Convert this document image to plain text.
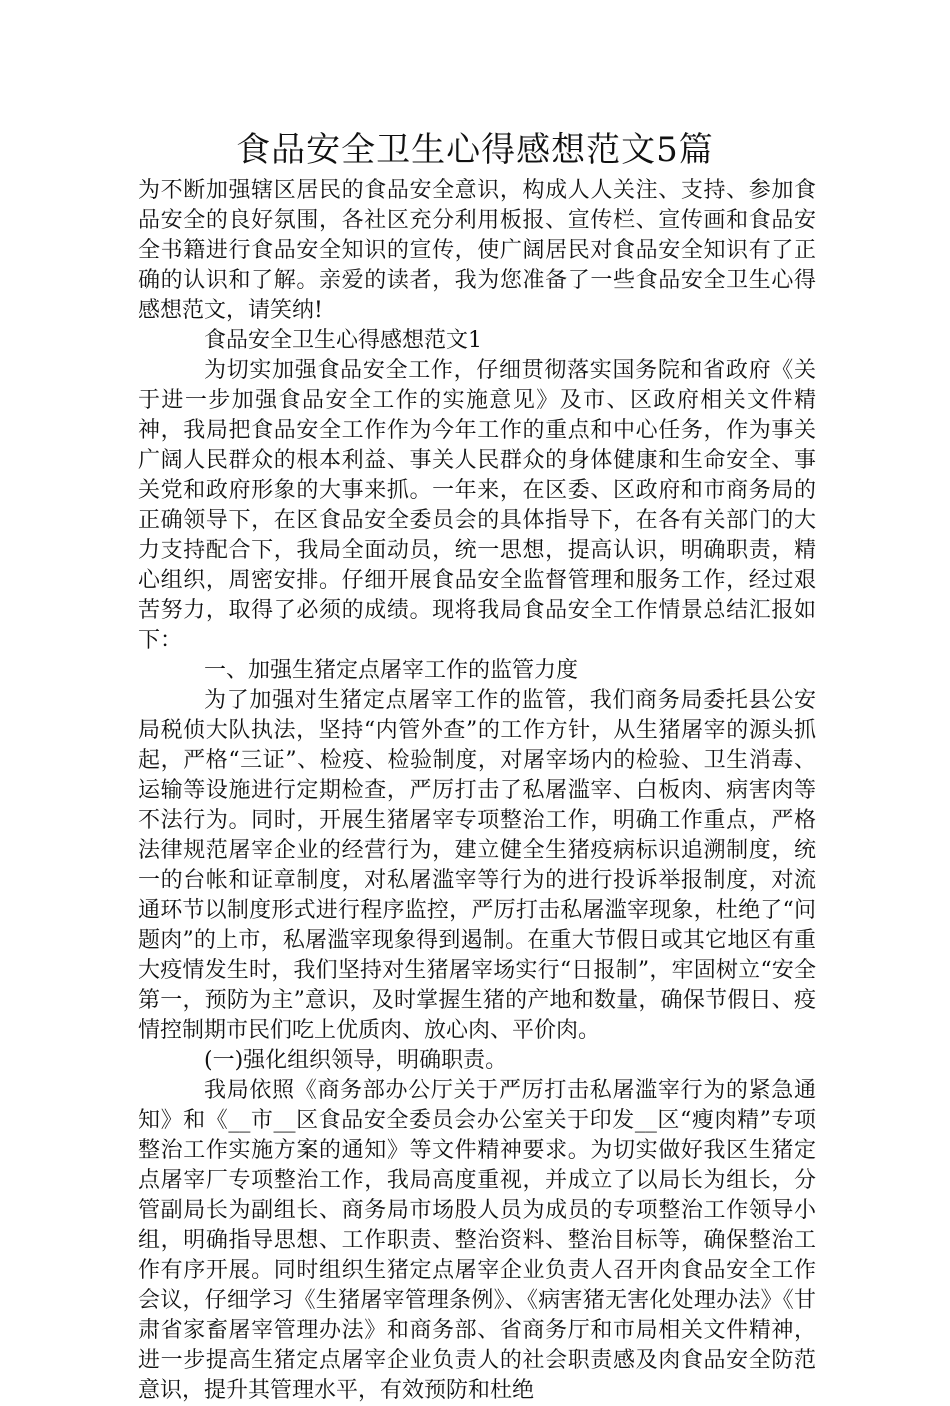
食品安全卫生心得感想范文5篇

为不断加强辖区居民的食品安全意识，构成人人关注、支持、参加食品安全的良好氛围，各社区充分利用板报、宣传栏、宣传画和食品安全书籍进行食品安全知识的宣传，使广阔居民对食品安全知识有了正确的认识和了解。亲爱的读者，我为您准备了一些食品安全卫生心得感想范文，请笑纳!

食品安全卫生心得感想范文1

为切实加强食品安全工作，仔细贯彻落实国务院和省政府《关于进一步加强食品安全工作的实施意见》及市、区政府相关文件精神，我局把食品安全工作作为今年工作的重点和中心任务，作为事关广阔人民群众的根本利益、事关人民群众的身体健康和生命安全、事关党和政府形象的大事来抓。一年来，在区委、区政府和市商务局的正确领导下，在区食品安全委员会的具体指导下，在各有关部门的大力支持配合下，我局全面动员，统一思想，提高认识，明确职责，精心组织，周密安排。仔细开展食品安全监督管理和服务工作，经过艰苦努力，取得了必须的成绩。现将我局食品安全工作情景总结汇报如下：

一、加强生猪定点屠宰工作的监管力度

为了加强对生猪定点屠宰工作的监管，我们商务局委托县公安局税侦大队执法，坚持“内管外查”的工作方针，从生猪屠宰的源头抓起，严格“三证”、检疫、检验制度，对屠宰场内的检验、卫生消毒、运输等设施进行定期检查，严厉打击了私屠滥宰、白板肉、病害肉等不法行为。同时，开展生猪屠宰专项整治工作，明确工作重点，严格法律规范屠宰企业的经营行为，建立健全生猪疫病标识追溯制度，统一的台帐和证章制度，对私屠滥宰等行为的进行投诉举报制度，对流通环节以制度形式进行程序监控，严厉打击私屠滥宰现象，杜绝了“问题肉”的上市，私屠滥宰现象得到遏制。在重大节假日或其它地区有重大疫情发生时，我们坚持对生猪屠宰场实行“日报制”，牢固树立“安全第一，预防为主”意识，及时掌握生猪的产地和数量，确保节假日、疫情控制期市民们吃上优质肉、放心肉、平价肉。

(一)强化组织领导，明确职责。

我局依照《商务部办公厅关于严厉打击私屠滥宰行为的紧急通知》和《__市__区食品安全委员会办公室关于印发__区“瘦肉精”专项整治工作实施方案的通知》等文件精神要求。为切实做好我区生猪定点屠宰厂专项整治工作，我局高度重视，并成立了以局长为组长，分管副局长为副组长、商务局市场股人员为成员的专项整治工作领导小组，明确指导思想、工作职责、整治资料、整治目标等，确保整治工作有序开展。同时组织生猪定点屠宰企业负责人召开肉食品安全工作会议，仔细学习《生猪屠宰管理条例》、《病害猪无害化处理办法》《甘肃省家畜屠宰管理办法》和商务部、省商务厅和市局相关文件精神，进一步提高生猪定点屠宰企业负责人的社会职责感及肉食品安全防范意识，提升其管理水平，有效预防和杜绝
